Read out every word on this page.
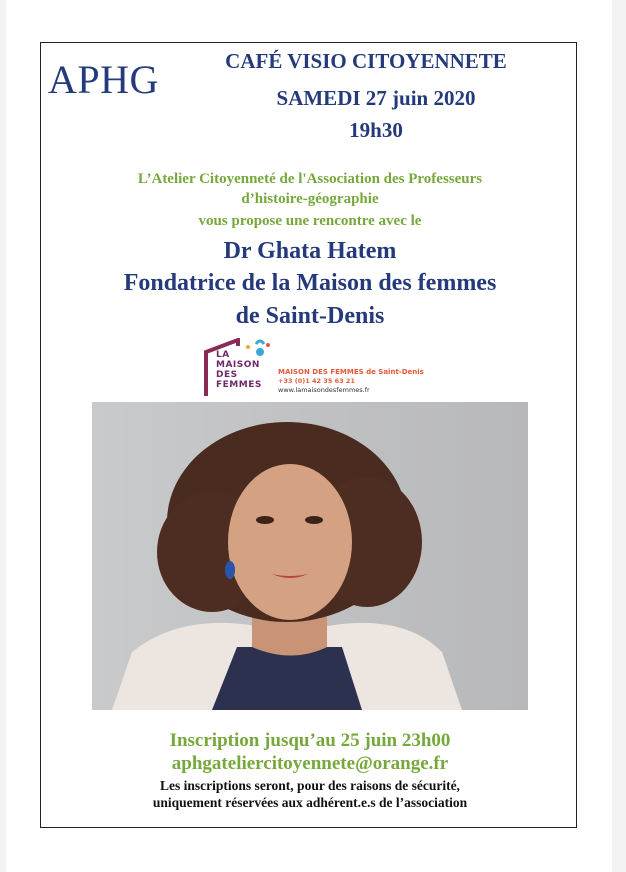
APHG	CAFÉ VISIO CITOYENNETE
SAMEDI 27 juin 2020
19h30
L’Atelier Citoyenneté de l'Association des Professeurs
d’histoire-géographie
vous propose une rencontre avec le
Dr Ghata Hatem
Fondatrice de la Maison des femmes
de Saint-Denis
LA
MAISON
DES
FEMMES
MAISON DES FEMMES de Saint-Denis
+33 (0)1 42 35 63 21
www.lamaisondesfemmes.fr
Inscription jusqu’au 25 juin 23h00
aphgateliercitoyennete@orange.fr
Les inscriptions seront, pour des raisons de sécurité,
uniquement réservées aux adhérent.e.s de l’association
